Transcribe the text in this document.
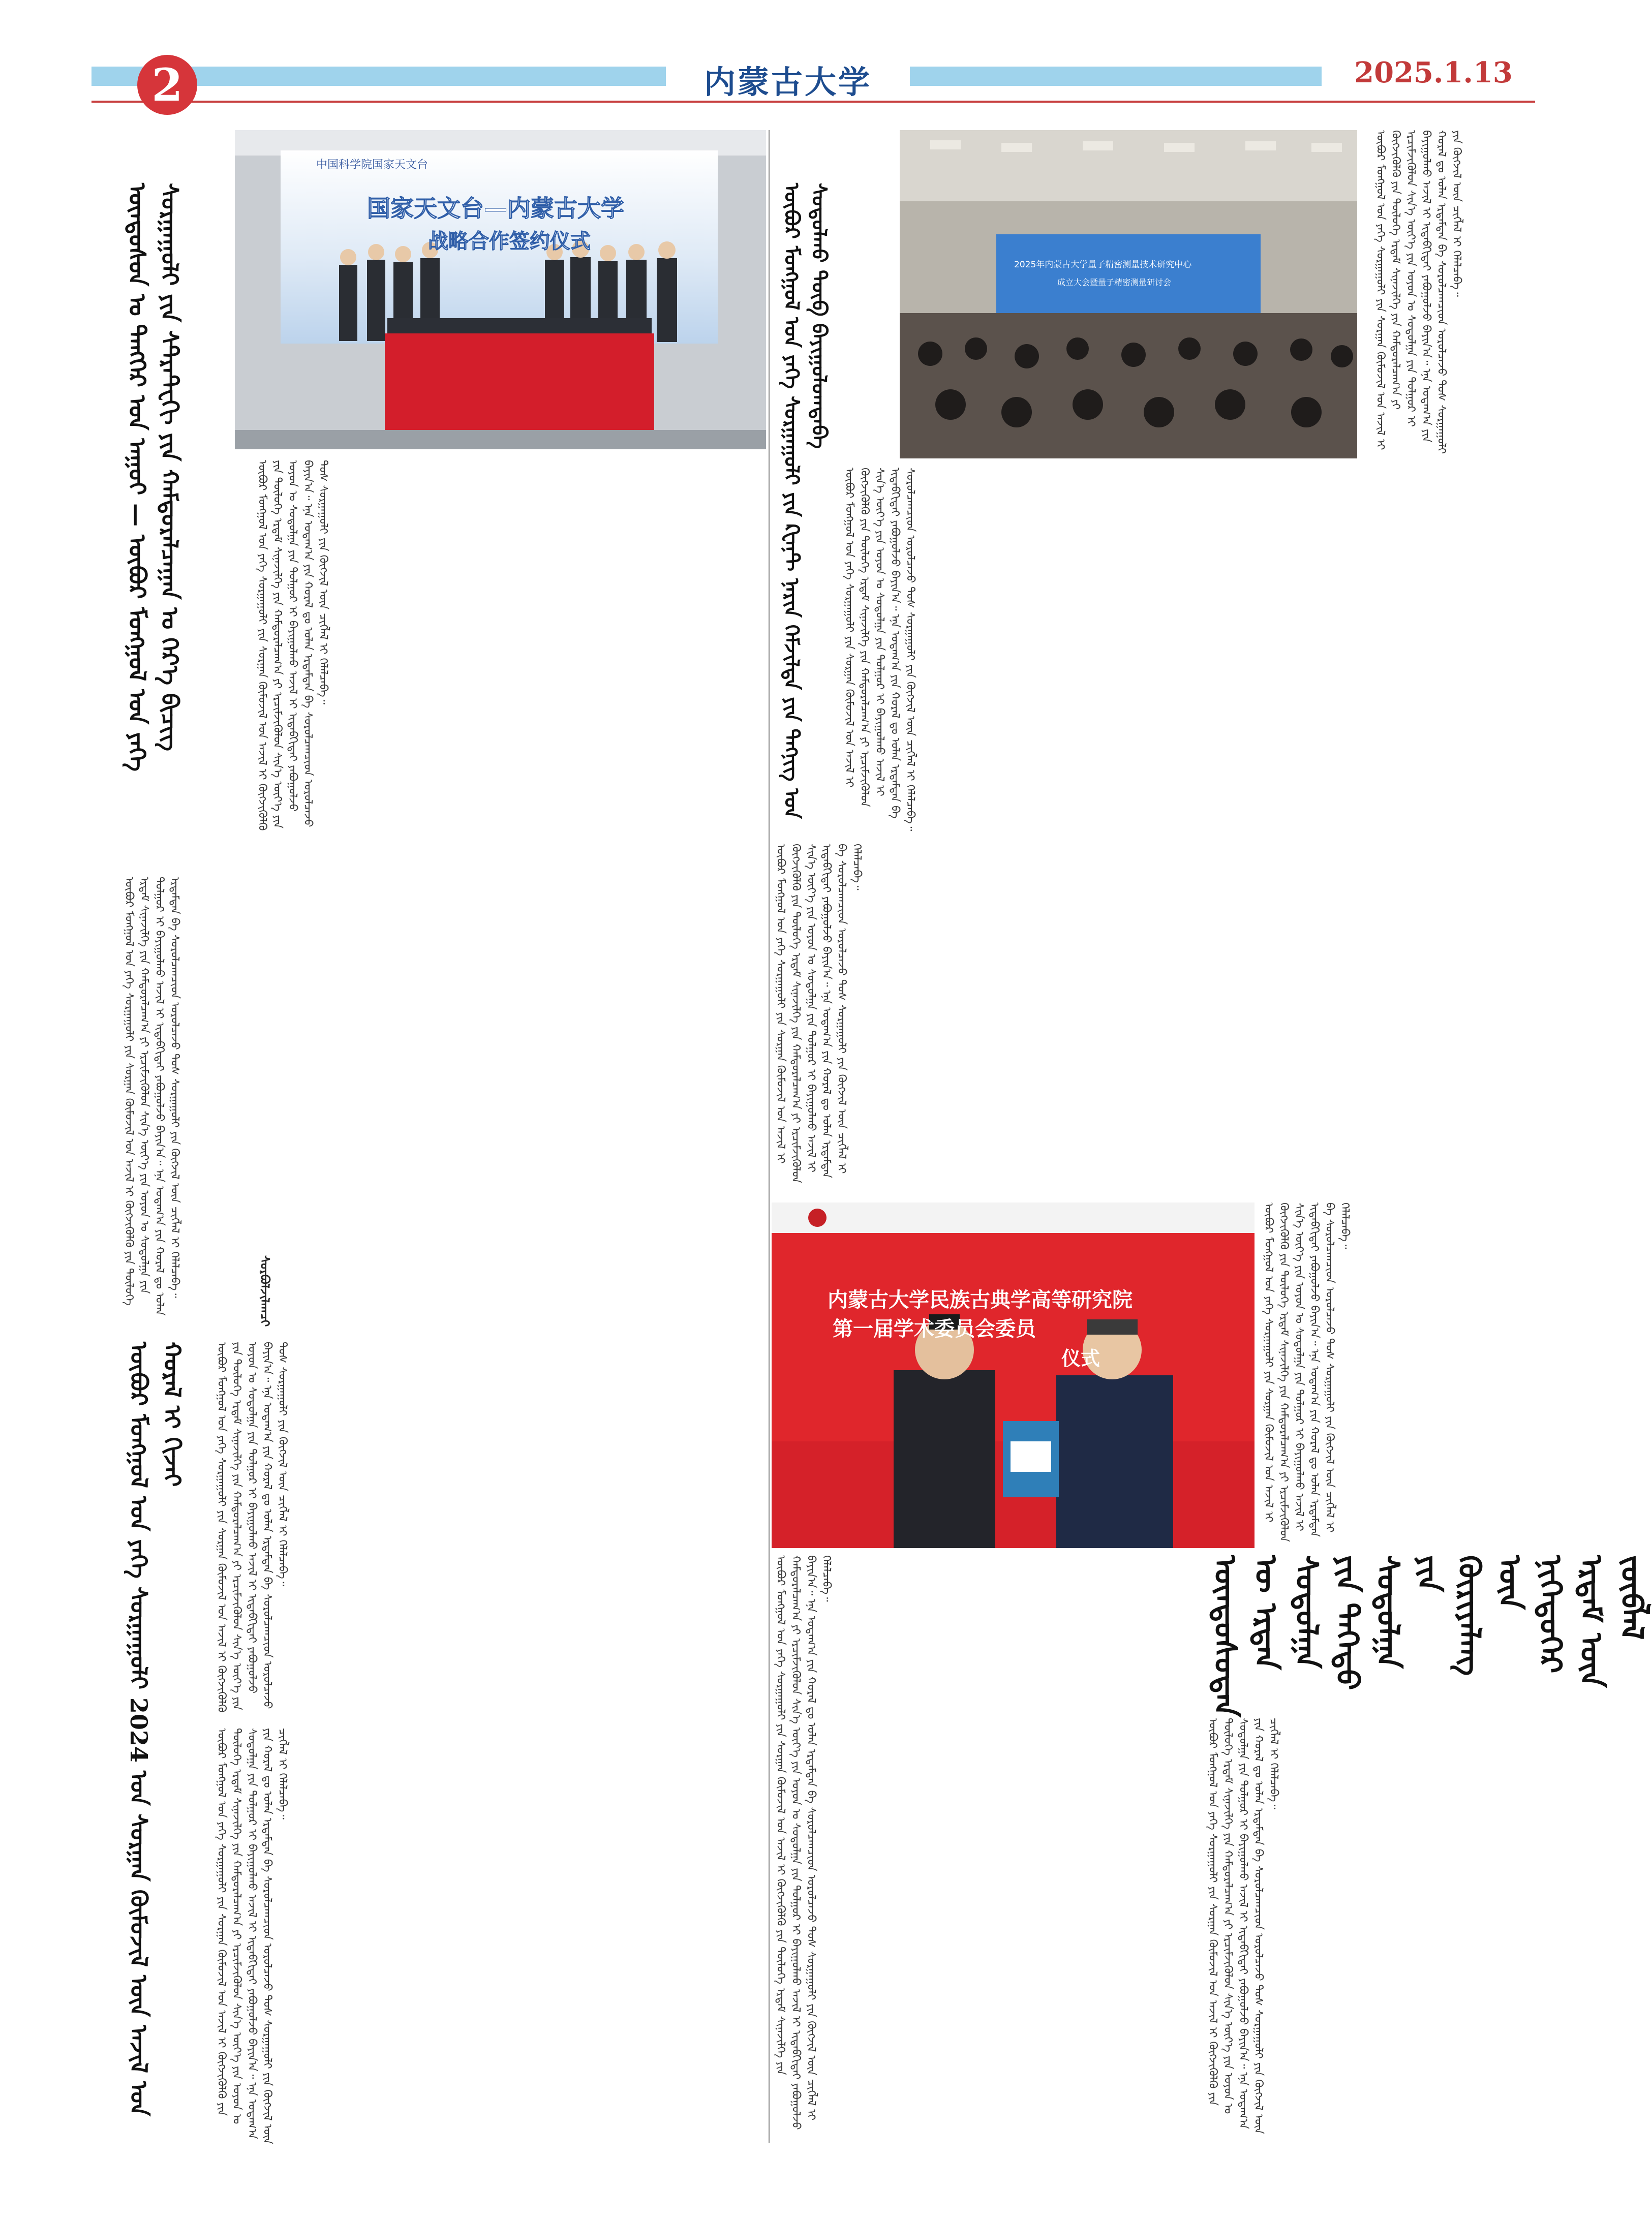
2	内蒙古大学	2025.1.13
中国科学院国家天文台
国家天文台—内蒙古大学
战略合作签约仪式
2025年内蒙古大学量子精密测量技术研究中心
成立大会暨量子精密测量研讨会
内蒙古大学民族古典学高等研究院
第一届学术委员会委员
仪式
ᠦᠨᠳᠦᠰᠦᠨ ᠤ ᠲᠡᠩᠭᠡᠷ ᠤᠨ ᠠᠭᠤᠢ — ᠦᠪᠦᠷ ᠮᠤᠩᠭᠤᠯ ᠤᠨ ᠶᠡᠬᠡ ᠰᠤᠷᠭᠠᠭᠤᠯᠢ ᠶᠢᠨ ᠰᠲᠷᠠᠲ᠋ᠧᠭᠢ ᠶᠢᠨ ᠬᠠᠮᠲᠤᠷᠠᠯᠴᠠᠭᠠᠨ ᠤ ᠭᠡᠷ᠎ᠡ ᠪᠢᠴᠢᠭ	ᠦᠪᠦᠷ ᠮᠤᠩᠭᠤᠯ ᠤᠨ ᠶᠡᠬᠡ ᠰᠤᠷᠭᠠᠭᠤᠯᠢ ᠶᠢᠨ ᠰᠤᠷᠭᠠᠨ ᠬᠦᠮᠦᠵᠢᠯ ᠤᠨ ᠠᠵᠢᠯ ᠢ ᠬᠥᠭᠵᠢᠭᠦᠯᠬᠦ ᠶᠢᠨ ᠲᠥᠯᠥᠭᠡ ᠡᠷᠳᠡᠮ ᠰᠢᠨᠠᠵᠢᠯᠭᠡ ᠶᠢᠨ ᠬᠠᠮᠲᠤᠷᠠᠯᠴᠠᠭ᠎ᠠ ᠶᠢ ᠡᠷᠴᠢᠮᠵᠢᠭᠦᠯᠦᠨ ᠰᠢᠨ᠎ᠡ ᠦᠶ᠎ᠡ ᠶᠢᠨ ᠣᠶᠤᠨ ᠤ ᠰᠤᠳᠤᠯᠭᠠ ᠶᠢᠨ ᠲᠤᠯᠭᠤᠷ ᠢ ᠪᠠᠶᠢᠭᠤᠯᠬᠤ ᠠᠵᠢᠯ ᠢ ᠢᠳᠡᠪᠬᠢᠳᠡᠶ ᠶᠠᠪᠤᠭᠤᠯᠵᠤ ᠪᠠᠶᠢᠨ᠎ᠠ᠃ ᠡᠨᠡ ᠤᠳᠠᠭ᠎ᠠ ᠶᠢᠨ ᠬᠤᠷᠠᠯ ᠳᠤ ᠤᠯᠠᠨ ᠡᠷᠳᠡᠮᠲᠡᠨ ᠪᠠ ᠰᠤᠷᠤᠯᠴᠠᠭᠴᠢᠳ ᠣᠷᠤᠯᠴᠠᠵᠤ ᠲᠤᠰ ᠰᠤᠷᠭᠠᠭᠤᠯᠢ ᠶᠢᠨ ᠬᠥᠭᠵᠢᠯ ᠦᠨ ᠴᠢᠭᠯᠡᠯ ᠢ ᠬᠡᠯᠡᠯᠴᠡᠪᠡ᠃
ᠦᠪᠦᠷ ᠮᠤᠩᠭᠤᠯ ᠤᠨ ᠶᠡᠬᠡ ᠰᠤᠷᠭᠠᠭᠤᠯᠢ ᠶᠢᠨ ᠰᠤᠷᠭᠠᠨ ᠬᠦᠮᠦᠵᠢᠯ ᠤᠨ ᠠᠵᠢᠯ ᠢ ᠬᠥᠭᠵᠢᠭᠦᠯᠬᠦ ᠶᠢᠨ ᠲᠥᠯᠥᠭᠡ ᠡᠷᠳᠡᠮ ᠰᠢᠨᠠᠵᠢᠯᠭᠡ ᠶᠢᠨ ᠬᠠᠮᠲᠤᠷᠠᠯᠴᠠᠭ᠎ᠠ ᠶᠢ ᠡᠷᠴᠢᠮᠵᠢᠭᠦᠯᠦᠨ ᠰᠢᠨ᠎ᠡ ᠦᠶ᠎ᠡ ᠶᠢᠨ ᠣᠶᠤᠨ ᠤ ᠰᠤᠳᠤᠯᠭᠠ ᠶᠢᠨ ᠲᠤᠯᠭᠤᠷ ᠢ ᠪᠠᠶᠢᠭᠤᠯᠬᠤ ᠠᠵᠢᠯ ᠢ ᠢᠳᠡᠪᠬᠢᠳᠡᠶ ᠶᠠᠪᠤᠭᠤᠯᠵᠤ ᠪᠠᠶᠢᠨ᠎ᠠ᠃ ᠡᠨᠡ ᠤᠳᠠᠭ᠎ᠠ ᠶᠢᠨ ᠬᠤᠷᠠᠯ ᠳᠤ ᠤᠯᠠᠨ ᠡᠷᠳᠡᠮᠲᠡᠨ ᠪᠠ ᠰᠤᠷᠤᠯᠴᠠᠭᠴᠢᠳ ᠣᠷᠤᠯᠴᠠᠵᠤ ᠲᠤᠰ ᠰᠤᠷᠭᠠᠭᠤᠯᠢ ᠶᠢᠨ ᠬᠥᠭᠵᠢᠯ ᠦᠨ ᠴᠢᠭᠯᠡᠯ ᠢ ᠬᠡᠯᠡᠯᠴᠡᠪᠡ᠃	ᠰᠤᠷᠪᠤᠯᠵᠢᠯᠠᠭᠴᠢ
ᠦᠪᠦᠷ ᠮᠤᠩᠭᠤᠯ ᠤᠨ ᠶᠡᠬᠡ ᠰᠤᠷᠭᠠᠭᠤᠯᠢ ᠶᠢᠨ ᠺᠸᠠᠨ᠋ᠲ ᠨᠠᠷᠢᠨ ᠬᠡᠮᠵᠢᠯᠲᠡ ᠶᠢᠨ ᠲᠡᠬᠨᠢᠭ ᠤᠨ ᠰᠤᠳᠤᠯᠬᠤ ᠲᠥᠪ ᠪᠠᠶᠢᠭᠤᠯᠤᠭᠳᠠᠪᠠ	ᠦᠪᠦᠷ ᠮᠤᠩᠭᠤᠯ ᠤᠨ ᠶᠡᠬᠡ ᠰᠤᠷᠭᠠᠭᠤᠯᠢ ᠶᠢᠨ ᠰᠤᠷᠭᠠᠨ ᠬᠦᠮᠦᠵᠢᠯ ᠤᠨ ᠠᠵᠢᠯ ᠢ ᠬᠥᠭᠵᠢᠭᠦᠯᠬᠦ ᠶᠢᠨ ᠲᠥᠯᠥᠭᠡ ᠡᠷᠳᠡᠮ ᠰᠢᠨᠠᠵᠢᠯᠭᠡ ᠶᠢᠨ ᠬᠠᠮᠲᠤᠷᠠᠯᠴᠠᠭ᠎ᠠ ᠶᠢ ᠡᠷᠴᠢᠮᠵᠢᠭᠦᠯᠦᠨ ᠰᠢᠨ᠎ᠡ ᠦᠶ᠎ᠡ ᠶᠢᠨ ᠣᠶᠤᠨ ᠤ ᠰᠤᠳᠤᠯᠭᠠ ᠶᠢᠨ ᠲᠤᠯᠭᠤᠷ ᠢ ᠪᠠᠶᠢᠭᠤᠯᠬᠤ ᠠᠵᠢᠯ ᠢ ᠢᠳᠡᠪᠬᠢᠳᠡᠶ ᠶᠠᠪᠤᠭᠤᠯᠵᠤ ᠪᠠᠶᠢᠨ᠎ᠠ᠃ ᠡᠨᠡ ᠤᠳᠠᠭ᠎ᠠ ᠶᠢᠨ ᠬᠤᠷᠠᠯ ᠳᠤ ᠤᠯᠠᠨ ᠡᠷᠳᠡᠮᠲᠡᠨ ᠪᠠ ᠰᠤᠷᠤᠯᠴᠠᠭᠴᠢᠳ ᠣᠷᠤᠯᠴᠠᠵᠤ ᠲᠤᠰ ᠰᠤᠷᠭᠠᠭᠤᠯᠢ ᠶᠢᠨ ᠬᠥᠭᠵᠢᠯ ᠦᠨ ᠴᠢᠭᠯᠡᠯ ᠢ ᠬᠡᠯᠡᠯᠴᠡᠪᠡ᠃
ᠦᠪᠦᠷ ᠮᠤᠩᠭᠤᠯ ᠤᠨ ᠶᠡᠬᠡ ᠰᠤᠷᠭᠠᠭᠤᠯᠢ ᠶᠢᠨ ᠰᠤᠷᠭᠠᠨ ᠬᠦᠮᠦᠵᠢᠯ ᠤᠨ ᠠᠵᠢᠯ ᠢ ᠬᠥᠭᠵᠢᠭᠦᠯᠬᠦ ᠶᠢᠨ ᠲᠥᠯᠥᠭᠡ ᠡᠷᠳᠡᠮ ᠰᠢᠨᠠᠵᠢᠯᠭᠡ ᠶᠢᠨ ᠬᠠᠮᠲᠤᠷᠠᠯᠴᠠᠭ᠎ᠠ ᠶᠢ ᠡᠷᠴᠢᠮᠵᠢᠭᠦᠯᠦᠨ ᠰᠢᠨ᠎ᠡ ᠦᠶ᠎ᠡ ᠶᠢᠨ ᠣᠶᠤᠨ ᠤ ᠰᠤᠳᠤᠯᠭᠠ ᠶᠢᠨ ᠲᠤᠯᠭᠤᠷ ᠢ ᠪᠠᠶᠢᠭᠤᠯᠬᠤ ᠠᠵᠢᠯ ᠢ ᠢᠳᠡᠪᠬᠢᠳᠡᠶ ᠶᠠᠪᠤᠭᠤᠯᠵᠤ ᠪᠠᠶᠢᠨ᠎ᠠ᠃ ᠡᠨᠡ ᠤᠳᠠᠭ᠎ᠠ ᠶᠢᠨ ᠬᠤᠷᠠᠯ ᠳᠤ ᠤᠯᠠᠨ ᠡᠷᠳᠡᠮᠲᠡᠨ ᠪᠠ ᠰᠤᠷᠤᠯᠴᠠᠭᠴᠢᠳ ᠣᠷᠤᠯᠴᠠᠵᠤ ᠲᠤᠰ ᠰᠤᠷᠭᠠᠭᠤᠯᠢ ᠶᠢᠨ ᠬᠥᠭᠵᠢᠯ ᠦᠨ ᠴᠢᠭᠯᠡᠯ ᠢ ᠬᠡᠯᠡᠯᠴᠡᠪᠡ᠃
ᠦᠪᠦᠷ ᠮᠤᠩᠭᠤᠯ ᠤᠨ ᠶᠡᠬᠡ ᠰᠤᠷᠭᠠᠭᠤᠯᠢ ᠶᠢᠨ ᠰᠤᠷᠭᠠᠨ ᠬᠦᠮᠦᠵᠢᠯ ᠤᠨ ᠠᠵᠢᠯ ᠢ ᠬᠥᠭᠵᠢᠭᠦᠯᠬᠦ ᠶᠢᠨ ᠲᠥᠯᠥᠭᠡ ᠡᠷᠳᠡᠮ ᠰᠢᠨᠠᠵᠢᠯᠭᠡ ᠶᠢᠨ ᠬᠠᠮᠲᠤᠷᠠᠯᠴᠠᠭ᠎ᠠ ᠶᠢ ᠡᠷᠴᠢᠮᠵᠢᠭᠦᠯᠦᠨ ᠰᠢᠨ᠎ᠡ ᠦᠶ᠎ᠡ ᠶᠢᠨ ᠣᠶᠤᠨ ᠤ ᠰᠤᠳᠤᠯᠭᠠ ᠶᠢᠨ ᠲᠤᠯᠭᠤᠷ ᠢ ᠪᠠᠶᠢᠭᠤᠯᠬᠤ ᠠᠵᠢᠯ ᠢ ᠢᠳᠡᠪᠬᠢᠳᠡᠶ ᠶᠠᠪᠤᠭᠤᠯᠵᠤ ᠪᠠᠶᠢᠨ᠎ᠠ᠃ ᠡᠨᠡ ᠤᠳᠠᠭ᠎ᠠ ᠶᠢᠨ ᠬᠤᠷᠠᠯ ᠳᠤ ᠤᠯᠠᠨ ᠡᠷᠳᠡᠮᠲᠡᠨ ᠪᠠ ᠰᠤᠷᠤᠯᠴᠠᠭᠴᠢᠳ ᠣᠷᠤᠯᠴᠠᠵᠤ ᠲᠤᠰ ᠰᠤᠷᠭᠠᠭᠤᠯᠢ ᠶᠢᠨ ᠬᠥᠭᠵᠢᠯ ᠦᠨ ᠴᠢᠭᠯᠡᠯ ᠢ ᠬᠡᠯᠡᠯᠴᠡᠪᠡ᠃
ᠦᠪᠦᠷ ᠮᠤᠩᠭᠤᠯ ᠤᠨ ᠶᠡᠬᠡ ᠰᠤᠷᠭᠠᠭᠤᠯᠢ 2024 ᠤᠨ ᠰᠤᠷᠭᠠᠨ ᠬᠦᠮᠦᠵᠢᠯ ᠦᠨ ᠠᠵᠢᠯ ᠤᠨ ᠬᠤᠷᠠᠯ ᠢ ᠬᠢᠵᠡᠢ	ᠦᠪᠦᠷ ᠮᠤᠩᠭᠤᠯ ᠤᠨ ᠶᠡᠬᠡ ᠰᠤᠷᠭᠠᠭᠤᠯᠢ ᠶᠢᠨ ᠰᠤᠷᠭᠠᠨ ᠬᠦᠮᠦᠵᠢᠯ ᠤᠨ ᠠᠵᠢᠯ ᠢ ᠬᠥᠭᠵᠢᠭᠦᠯᠬᠦ ᠶᠢᠨ ᠲᠥᠯᠥᠭᠡ ᠡᠷᠳᠡᠮ ᠰᠢᠨᠠᠵᠢᠯᠭᠡ ᠶᠢᠨ ᠬᠠᠮᠲᠤᠷᠠᠯᠴᠠᠭ᠎ᠠ ᠶᠢ ᠡᠷᠴᠢᠮᠵᠢᠭᠦᠯᠦᠨ ᠰᠢᠨ᠎ᠡ ᠦᠶ᠎ᠡ ᠶᠢᠨ ᠣᠶᠤᠨ ᠤ ᠰᠤᠳᠤᠯᠭᠠ ᠶᠢᠨ ᠲᠤᠯᠭᠤᠷ ᠢ ᠪᠠᠶᠢᠭᠤᠯᠬᠤ ᠠᠵᠢᠯ ᠢ ᠢᠳᠡᠪᠬᠢᠳᠡᠶ ᠶᠠᠪᠤᠭᠤᠯᠵᠤ ᠪᠠᠶᠢᠨ᠎ᠠ᠃ ᠡᠨᠡ ᠤᠳᠠᠭ᠎ᠠ ᠶᠢᠨ ᠬᠤᠷᠠᠯ ᠳᠤ ᠤᠯᠠᠨ ᠡᠷᠳᠡᠮᠲᠡᠨ ᠪᠠ ᠰᠤᠷᠤᠯᠴᠠᠭᠴᠢᠳ ᠣᠷᠤᠯᠴᠠᠵᠤ ᠲᠤᠰ ᠰᠤᠷᠭᠠᠭᠤᠯᠢ ᠶᠢᠨ ᠬᠥᠭᠵᠢᠯ ᠦᠨ ᠴᠢᠭᠯᠡᠯ ᠢ ᠬᠡᠯᠡᠯᠴᠡᠪᠡ᠃
ᠦᠪᠦᠷ ᠮᠤᠩᠭᠤᠯ ᠤᠨ ᠶᠡᠬᠡ ᠰᠤᠷᠭᠠᠭᠤᠯᠢ ᠶᠢᠨ ᠰᠤᠷᠭᠠᠨ ᠬᠦᠮᠦᠵᠢᠯ ᠤᠨ ᠠᠵᠢᠯ ᠢ ᠬᠥᠭᠵᠢᠭᠦᠯᠬᠦ ᠶᠢᠨ ᠲᠥᠯᠥᠭᠡ ᠡᠷᠳᠡᠮ ᠰᠢᠨᠠᠵᠢᠯᠭᠡ ᠶᠢᠨ ᠬᠠᠮᠲᠤᠷᠠᠯᠴᠠᠭ᠎ᠠ ᠶᠢ ᠡᠷᠴᠢᠮᠵᠢᠭᠦᠯᠦᠨ ᠰᠢᠨ᠎ᠡ ᠦᠶ᠎ᠡ ᠶᠢᠨ ᠣᠶᠤᠨ ᠤ ᠰᠤᠳᠤᠯᠭᠠ ᠶᠢᠨ ᠲᠤᠯᠭᠤᠷ ᠢ ᠪᠠᠶᠢᠭᠤᠯᠬᠤ ᠠᠵᠢᠯ ᠢ ᠢᠳᠡᠪᠬᠢᠳᠡᠶ ᠶᠠᠪᠤᠭᠤᠯᠵᠤ ᠪᠠᠶᠢᠨ᠎ᠠ᠃ ᠡᠨᠡ ᠤᠳᠠᠭ᠎ᠠ ᠶᠢᠨ ᠬᠤᠷᠠᠯ ᠳᠤ ᠤᠯᠠᠨ ᠡᠷᠳᠡᠮᠲᠡᠨ ᠪᠠ ᠰᠤᠷᠤᠯᠴᠠᠭᠴᠢᠳ ᠣᠷᠤᠯᠴᠠᠵᠤ ᠲᠤᠰ ᠰᠤᠷᠭᠠᠭᠤᠯᠢ ᠶᠢᠨ ᠬᠥᠭᠵᠢᠯ ᠦᠨ ᠴᠢᠭᠯᠡᠯ ᠢ ᠬᠡᠯᠡᠯᠴᠡᠪᠡ᠃
ᠦᠨᠳᠦᠰᠦᠲᠡᠨ ᠦ ᠡᠷᠲᠡᠨ ᠰᠤᠳᠤᠯᠭᠠ ᠶᠢᠨ ᠳᠡᠭᠡᠳᠦ ᠰᠤᠳᠤᠯᠭᠠ ᠶᠢᠨ ᠬᠦᠷᠢᠶᠡᠯᠡᠩ ᠦᠨ ᠨᠢᠭᠡᠳᠦᠭᠡᠷ ᠡᠷᠳᠡᠮ ᠦᠨ ᠵᠥᠪᠯᠡᠯ
ᠦᠪᠦᠷ ᠮᠤᠩᠭᠤᠯ ᠤᠨ ᠶᠡᠬᠡ ᠰᠤᠷᠭᠠᠭᠤᠯᠢ ᠶᠢᠨ ᠰᠤᠷᠭᠠᠨ ᠬᠦᠮᠦᠵᠢᠯ ᠤᠨ ᠠᠵᠢᠯ ᠢ ᠬᠥᠭᠵᠢᠭᠦᠯᠬᠦ ᠶᠢᠨ ᠲᠥᠯᠥᠭᠡ ᠡᠷᠳᠡᠮ ᠰᠢᠨᠠᠵᠢᠯᠭᠡ ᠶᠢᠨ ᠬᠠᠮᠲᠤᠷᠠᠯᠴᠠᠭ᠎ᠠ ᠶᠢ ᠡᠷᠴᠢᠮᠵᠢᠭᠦᠯᠦᠨ ᠰᠢᠨ᠎ᠡ ᠦᠶ᠎ᠡ ᠶᠢᠨ ᠣᠶᠤᠨ ᠤ ᠰᠤᠳᠤᠯᠭᠠ ᠶᠢᠨ ᠲᠤᠯᠭᠤᠷ ᠢ ᠪᠠᠶᠢᠭᠤᠯᠬᠤ ᠠᠵᠢᠯ ᠢ ᠢᠳᠡᠪᠬᠢᠳᠡᠶ ᠶᠠᠪᠤᠭᠤᠯᠵᠤ ᠪᠠᠶᠢᠨ᠎ᠠ᠃ ᠡᠨᠡ ᠤᠳᠠᠭ᠎ᠠ ᠶᠢᠨ ᠬᠤᠷᠠᠯ ᠳᠤ ᠤᠯᠠᠨ ᠡᠷᠳᠡᠮᠲᠡᠨ ᠪᠠ ᠰᠤᠷᠤᠯᠴᠠᠭᠴᠢᠳ ᠣᠷᠤᠯᠴᠠᠵᠤ ᠲᠤᠰ ᠰᠤᠷᠭᠠᠭᠤᠯᠢ ᠶᠢᠨ ᠬᠥᠭᠵᠢᠯ ᠦᠨ ᠴᠢᠭᠯᠡᠯ ᠢ ᠬᠡᠯᠡᠯᠴᠡᠪᠡ᠃
ᠦᠪᠦᠷ ᠮᠤᠩᠭᠤᠯ ᠤᠨ ᠶᠡᠬᠡ ᠰᠤᠷᠭᠠᠭᠤᠯᠢ ᠶᠢᠨ ᠰᠤᠷᠭᠠᠨ ᠬᠦᠮᠦᠵᠢᠯ ᠤᠨ ᠠᠵᠢᠯ ᠢ ᠬᠥᠭᠵᠢᠭᠦᠯᠬᠦ ᠶᠢᠨ ᠲᠥᠯᠥᠭᠡ ᠡᠷᠳᠡᠮ ᠰᠢᠨᠠᠵᠢᠯᠭᠡ ᠶᠢᠨ ᠬᠠᠮᠲᠤᠷᠠᠯᠴᠠᠭ᠎ᠠ ᠶᠢ ᠡᠷᠴᠢᠮᠵᠢᠭᠦᠯᠦᠨ ᠰᠢᠨ᠎ᠡ ᠦᠶ᠎ᠡ ᠶᠢᠨ ᠣᠶᠤᠨ ᠤ ᠰᠤᠳᠤᠯᠭᠠ ᠶᠢᠨ ᠲᠤᠯᠭᠤᠷ ᠢ ᠪᠠᠶᠢᠭᠤᠯᠬᠤ ᠠᠵᠢᠯ ᠢ ᠢᠳᠡᠪᠬᠢᠳᠡᠶ ᠶᠠᠪᠤᠭᠤᠯᠵᠤ ᠪᠠᠶᠢᠨ᠎ᠠ᠃ ᠡᠨᠡ ᠤᠳᠠᠭ᠎ᠠ ᠶᠢᠨ ᠬᠤᠷᠠᠯ ᠳᠤ ᠤᠯᠠᠨ ᠡᠷᠳᠡᠮᠲᠡᠨ ᠪᠠ ᠰᠤᠷᠤᠯᠴᠠᠭᠴᠢᠳ ᠣᠷᠤᠯᠴᠠᠵᠤ ᠲᠤᠰ ᠰᠤᠷᠭᠠᠭᠤᠯᠢ ᠶᠢᠨ ᠬᠥᠭᠵᠢᠯ ᠦᠨ ᠴᠢᠭᠯᠡᠯ ᠢ ᠬᠡᠯᠡᠯᠴᠡᠪᠡ᠃
ᠦᠪᠦᠷ ᠮᠤᠩᠭᠤᠯ ᠤᠨ ᠶᠡᠬᠡ ᠰᠤᠷᠭᠠᠭᠤᠯᠢ ᠶᠢᠨ ᠰᠤᠷᠭᠠᠨ ᠬᠦᠮᠦᠵᠢᠯ ᠤᠨ ᠠᠵᠢᠯ ᠢ ᠬᠥᠭᠵᠢᠭᠦᠯᠬᠦ ᠶᠢᠨ ᠲᠥᠯᠥᠭᠡ ᠡᠷᠳᠡᠮ ᠰᠢᠨᠠᠵᠢᠯᠭᠡ ᠶᠢᠨ ᠬᠠᠮᠲᠤᠷᠠᠯᠴᠠᠭ᠎ᠠ ᠶᠢ ᠡᠷᠴᠢᠮᠵᠢᠭᠦᠯᠦᠨ ᠰᠢᠨ᠎ᠡ ᠦᠶ᠎ᠡ ᠶᠢᠨ ᠣᠶᠤᠨ ᠤ ᠰᠤᠳᠤᠯᠭᠠ ᠶᠢᠨ ᠲᠤᠯᠭᠤᠷ ᠢ ᠪᠠᠶᠢᠭᠤᠯᠬᠤ ᠠᠵᠢᠯ ᠢ ᠢᠳᠡᠪᠬᠢᠳᠡᠶ ᠶᠠᠪᠤᠭᠤᠯᠵᠤ ᠪᠠᠶᠢᠨ᠎ᠠ᠃ ᠡᠨᠡ ᠤᠳᠠᠭ᠎ᠠ ᠶᠢᠨ ᠬᠤᠷᠠᠯ ᠳᠤ ᠤᠯᠠᠨ ᠡᠷᠳᠡᠮᠲᠡᠨ ᠪᠠ ᠰᠤᠷᠤᠯᠴᠠᠭᠴᠢᠳ ᠣᠷᠤᠯᠴᠠᠵᠤ ᠲᠤᠰ ᠰᠤᠷᠭᠠᠭᠤᠯᠢ ᠶᠢᠨ ᠬᠥᠭᠵᠢᠯ ᠦᠨ ᠴᠢᠭᠯᠡᠯ ᠢ ᠬᠡᠯᠡᠯᠴᠡᠪᠡ᠃
